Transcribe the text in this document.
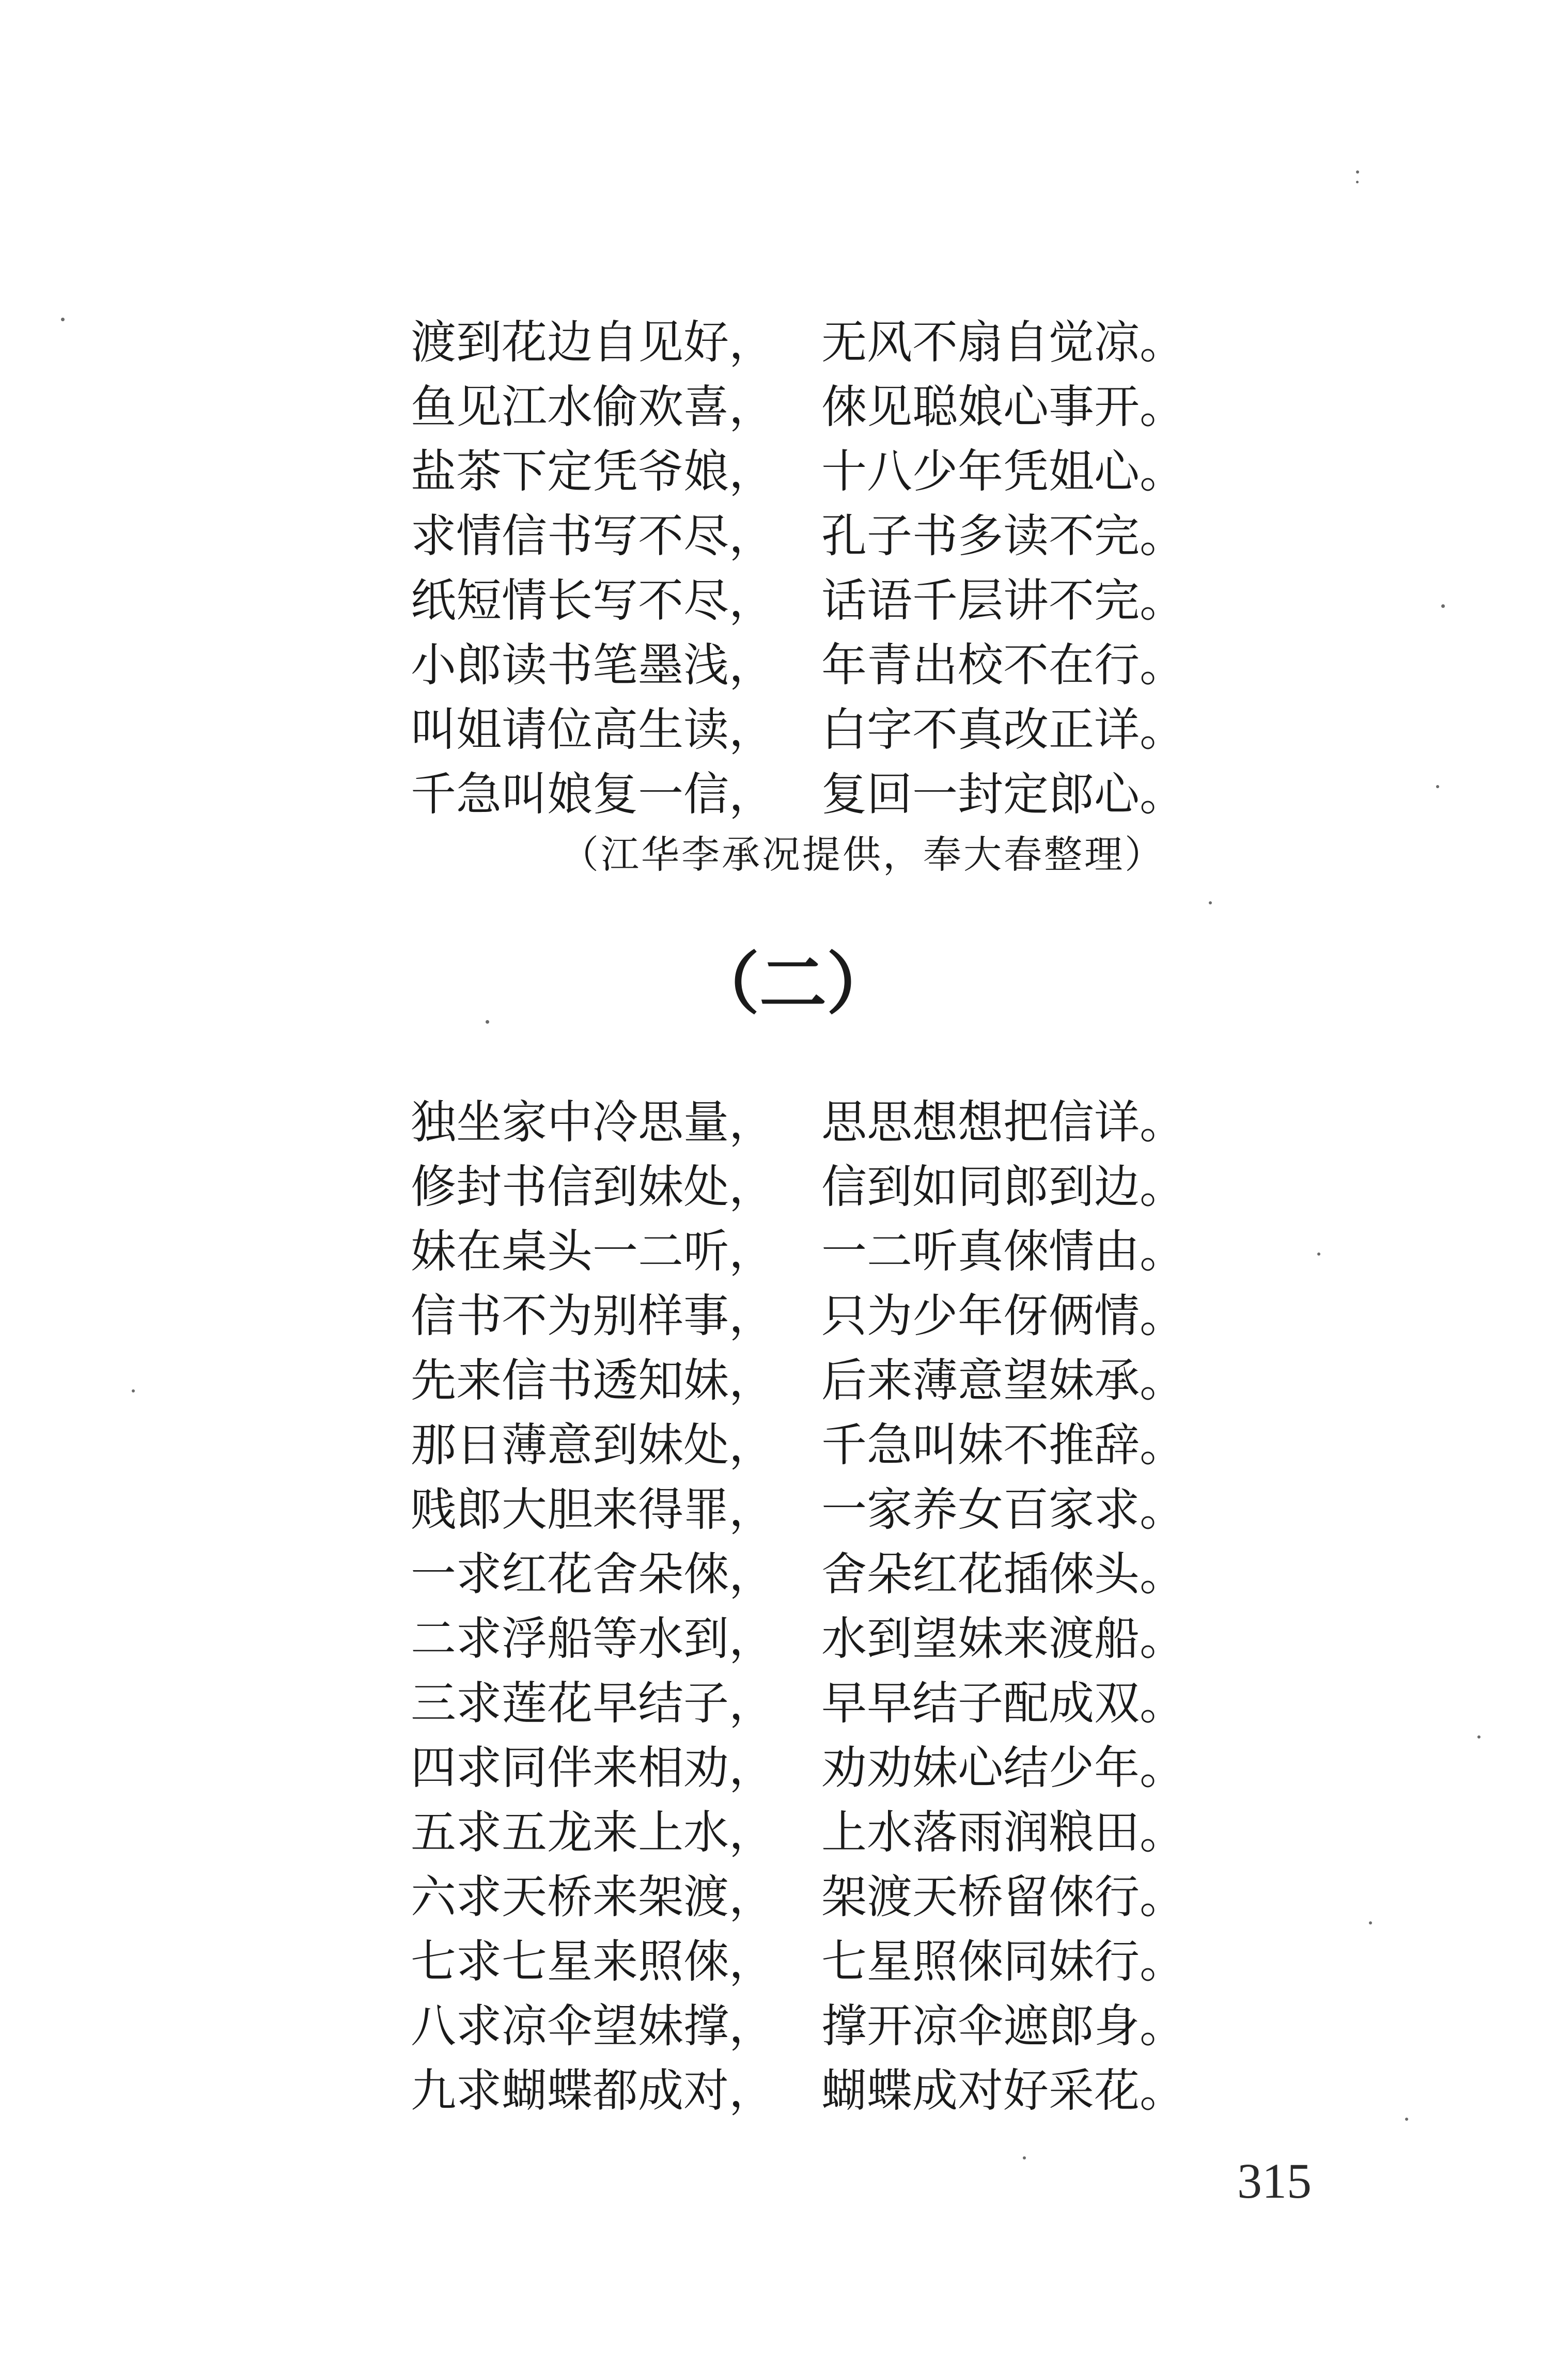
渡到花边自见好， 无风不扇自觉凉。
鱼见江水偷欢喜， 倈见聪娘心事开。
盐茶下定凭爷娘， 十八少年凭姐心。
求情信书写不尽， 孔子书多读不完。
纸短情长写不尽， 话语千层讲不完。
小郎读书笔墨浅， 年青出校不在行。
叫姐请位高生读， 白字不真改正详。
千急叫娘复一信， 复回一封定郎心。
（江华李承况提供，奉大春整理）
（二）
独坐家中冷思量， 思思想想把信详。
修封书信到妹处， 信到如同郎到边。
妹在桌头一二听， 一二听真倈情由。
信书不为别样事， 只为少年伢俩情。
先来信书透知妹， 后来薄意望妹承。
那日薄意到妹处， 千急叫妹不推辞。
贱郎大胆来得罪， 一家养女百家求。
一求红花舍朵倈， 舍朵红花插倈头。
二求浮船等水到， 水到望妹来渡船。
三求莲花早结子， 早早结子配成双。
四求同伴来相劝， 劝劝妹心结少年。
五求五龙来上水， 上水落雨润粮田。
六求天桥来架渡， 架渡天桥留倈行。
七求七星来照倈， 七星照倈同妹行。
八求凉伞望妹撑， 撑开凉伞遮郎身。
九求蝴蝶都成对， 蝴蝶成对好采花。
315
